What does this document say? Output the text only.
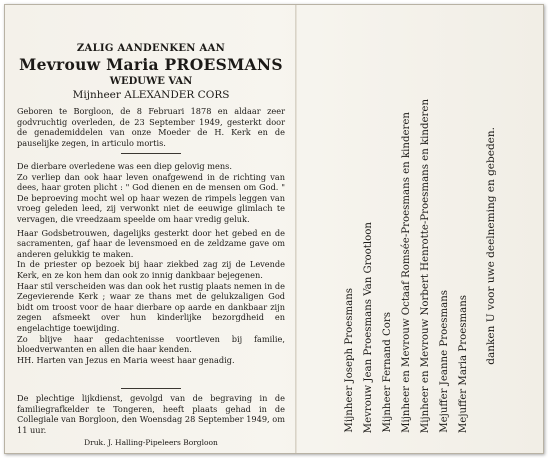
ZALIG AANDENKEN AAN
Mevrouw Maria PROESMANS
WEDUWE VAN
Mijnheer ALEXANDER CORS
Geboren te Borgloon, de 8 Februari 1878 en aldaar zeer godvruchtig overleden, de 23 September 1949, gesterkt door de genademiddelen van onze Moeder de H. Kerk en de pauselijke zegen, in articulo mortis.

De dierbare overledene was een diep gelovig mens.

Zo verliep dan ook haar leven onafgewend in de richting van dees, haar groten plicht : " God dienen en de mensen om God. " De beproeving mocht wel op haar wezen de rimpels leggen van vroeg geleden leed, zij verwonkt niet de eeuwige glimlach te vervagen, die vreedzaam speelde om haar vredig geluk.

Haar Godsbetrouwen, dagelijks gesterkt door het gebed en de sacramenten, gaf haar de levensmoed en de zeldzame gave om anderen gelukkig te maken.

In de priester op bezoek bij haar ziekbed zag zij de Levende Kerk, en ze kon hem dan ook zo innig dankbaar bejegenen.

Haar stil verscheiden was dan ook het rustig plaats nemen in de Zegevierende Kerk ; waar ze thans met de gelukzaligen God bidt om troost voor de haar dierbare op aarde en dankbaar zijn zegen afsmeekt over hun kinderlijke bezorgdheid en engelachtige toewijding.

Zo blijve haar gedachtenisse voortleven bij familie, bloedverwanten en allen die haar kenden.

HH. Harten van Jezus en Maria weest haar genadig.

De plechtige lijkdienst, gevolgd van de begraving in de familiegrafkelder te Tongeren, heeft plaats gehad in de Collegiale van Borgloon, den Woensdag 28 September 1949, om 11 uur.
Druk. J. Halling-Pipeleers Borgloon
Mijnheer Joseph Proesmans Mevrouw Jean Proesmans Van Grootloon Mijnheer Fernand Cors Mijnheer en Mevrouw Octaaf Romsée-Proesmans en kinderen Mijnheer en Mevrouw Norbert Henrotte-Proesmans en kinderen Mejuffer Jeanne Proesmans Mejuffer Maria Proesmans danken U voor uwe deelneming en gebeden.
